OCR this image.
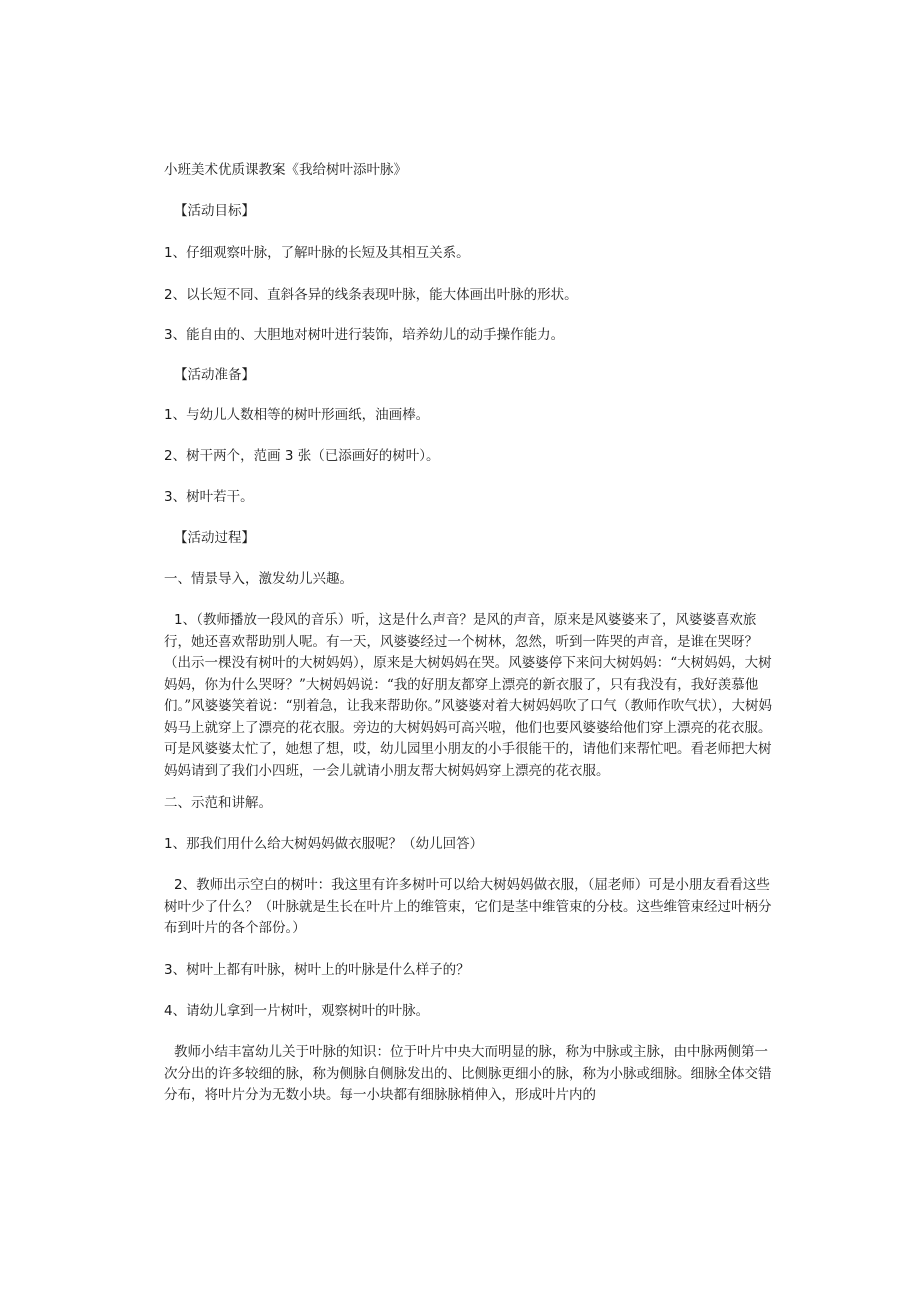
小班美术优质课教案《我给树叶添叶脉》

【活动目标】

1、仔细观察叶脉，了解叶脉的长短及其相互关系。

2、以长短不同、直斜各异的线条表现叶脉，能大体画出叶脉的形状。

3、能自由的、大胆地对树叶进行装饰，培养幼儿的动手操作能力。

【活动准备】

1、与幼儿人数相等的树叶形画纸，油画棒。

2、树干两个，范画 3 张（已添画好的树叶）。

3、树叶若干。

【活动过程】

一、情景导入，激发幼儿兴趣。

1、（教师播放一段风的音乐）听，这是什么声音？是风的声音，原来是风婆婆来了，风婆婆喜欢旅行，她还喜欢帮助别人呢。有一天，风婆婆经过一个树林，忽然，听到一阵哭的声音，是谁在哭呀？（出示一棵没有树叶的大树妈妈），原来是大树妈妈在哭。风婆婆停下来问大树妈妈：“大树妈妈，大树妈妈，你为什么哭呀？”大树妈妈说：“我的好朋友都穿上漂亮的新衣服了，只有我没有，我好羡慕他们。”风婆婆笑着说：“别着急，让我来帮助你。”风婆婆对着大树妈妈吹了口气（教师作吹气状），大树妈妈马上就穿上了漂亮的花衣服。旁边的大树妈妈可高兴啦，他们也要风婆婆给他们穿上漂亮的花衣服。可是风婆婆太忙了，她想了想，哎，幼儿园里小朋友的小手很能干的，请他们来帮忙吧。看老师把大树妈妈请到了我们小四班，一会儿就请小朋友帮大树妈妈穿上漂亮的花衣服。

二、示范和讲解。

1、那我们用什么给大树妈妈做衣服呢？（幼儿回答）

2、教师出示空白的树叶：我这里有许多树叶可以给大树妈妈做衣服，（屈老师）可是小朋友看看这些树叶少了什么？（叶脉就是生长在叶片上的维管束，它们是茎中维管束的分枝。这些维管束经过叶柄分布到叶片的各个部份。）

3、树叶上都有叶脉，树叶上的叶脉是什么样子的？

4、请幼儿拿到一片树叶，观察树叶的叶脉。

教师小结丰富幼儿关于叶脉的知识：位于叶片中央大而明显的脉，称为中脉或主脉，由中脉两侧第一次分出的许多较细的脉，称为侧脉自侧脉发出的、比侧脉更细小的脉，称为小脉或细脉。细脉全体交错分布，将叶片分为无数小块。每一小块都有细脉脉梢伸入，形成叶片内的
